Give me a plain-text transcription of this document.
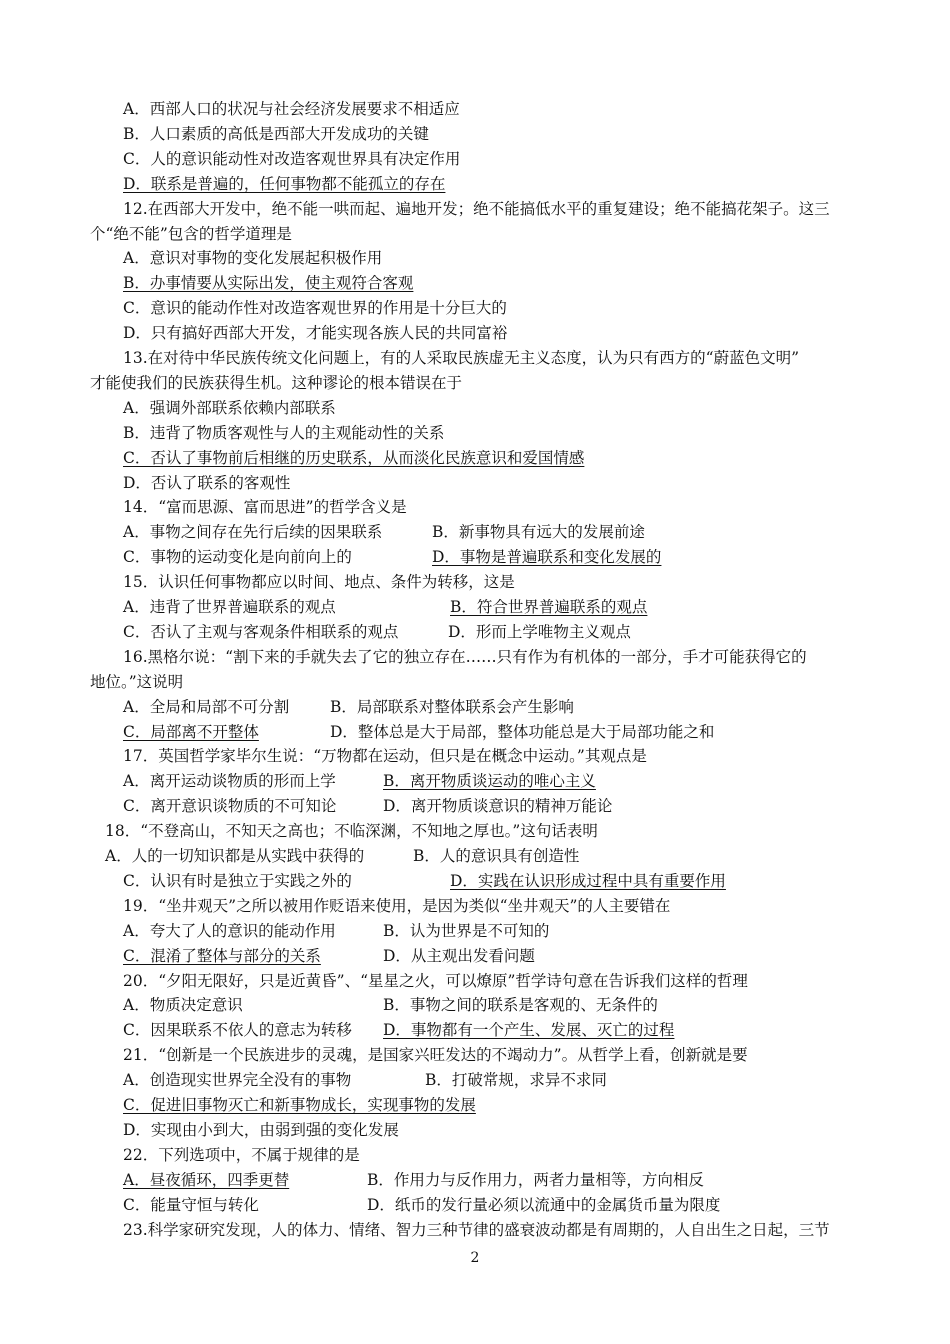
2
A．西部人口的状况与社会经济发展要求不相适应
B．人口素质的高低是西部大开发成功的关键
C．人的意识能动性对改造客观世界具有决定作用
D．联系是普遍的，任何事物都不能孤立的存在
12.在西部大开发中，绝不能一哄而起、遍地开发；绝不能搞低水平的重复建设；绝不能搞花架子。这三
个“绝不能”包含的哲学道理是
A．意识对事物的变化发展起积极作用
B．办事情要从实际出发，使主观符合客观
C．意识的能动作性对改造客观世界的作用是十分巨大的
D．只有搞好西部大开发，才能实现各族人民的共同富裕
13.在对待中华民族传统文化问题上，有的人采取民族虚无主义态度，认为只有西方的“蔚蓝色文明”
才能使我们的民族获得生机。这种谬论的根本错误在于
A．强调外部联系依赖内部联系
B．违背了物质客观性与人的主观能动性的关系
C．否认了事物前后相继的历史联系，从而淡化民族意识和爱国情感
D．否认了联系的客观性
14．“富而思源、富而思进”的哲学含义是
A．事物之间存在先行后续的因果联系	B．新事物具有远大的发展前途
C．事物的运动变化是向前向上的	D．事物是普遍联系和变化发展的
15．认识任何事物都应以时间、地点、条件为转移，这是
A．违背了世界普遍联系的观点	B．符合世界普遍联系的观点
C．否认了主观与客观条件相联系的观点	D．形而上学唯物主义观点
16.黑格尔说：“割下来的手就失去了它的独立存在……只有作为有机体的一部分，手才可能获得它的
地位。”这说明
A．全局和局部不可分割	B．局部联系对整体联系会产生影响
C．局部离不开整体	D．整体总是大于局部，整体功能总是大于局部功能之和
17．英国哲学家毕尔生说：“万物都在运动，但只是在概念中运动。”其观点是
A．离开运动谈物质的形而上学	B．离开物质谈运动的唯心主义
C．离开意识谈物质的不可知论	D．离开物质谈意识的精神万能论
18．“不登高山，不知天之高也；不临深渊，不知地之厚也。”这句话表明
A．人的一切知识都是从实践中获得的	B．人的意识具有创造性
C．认识有时是独立于实践之外的	D．实践在认识形成过程中具有重要作用
19．“坐井观天”之所以被用作贬语来使用，是因为类似“坐井观天”的人主要错在
A．夸大了人的意识的能动作用	B．认为世界是不可知的
C．混淆了整体与部分的关系	D．从主观出发看问题
20．“夕阳无限好，只是近黄昏”、“星星之火，可以燎原”哲学诗句意在告诉我们这样的哲理
A．物质决定意识	B．事物之间的联系是客观的、无条件的
C．因果联系不依人的意志为转移 D．事物都有一个产生、发展、灭亡的过程
21．“创新是一个民族进步的灵魂，是国家兴旺发达的不竭动力”。从哲学上看，创新就是要
A．创造现实世界完全没有的事物	B．打破常规，求异不求同
C．促进旧事物灭亡和新事物成长，实现事物的发展
D．实现由小到大，由弱到强的变化发展
22．下列选项中，不属于规律的是
A．昼夜循环，四季更替	B．作用力与反作用力，两者力量相等，方向相反
C．能量守恒与转化	D．纸币的发行量必须以流通中的金属货币量为限度
23.科学家研究发现，人的体力、情绪、智力三种节律的盛衰波动都是有周期的，人自出生之日起，三节
